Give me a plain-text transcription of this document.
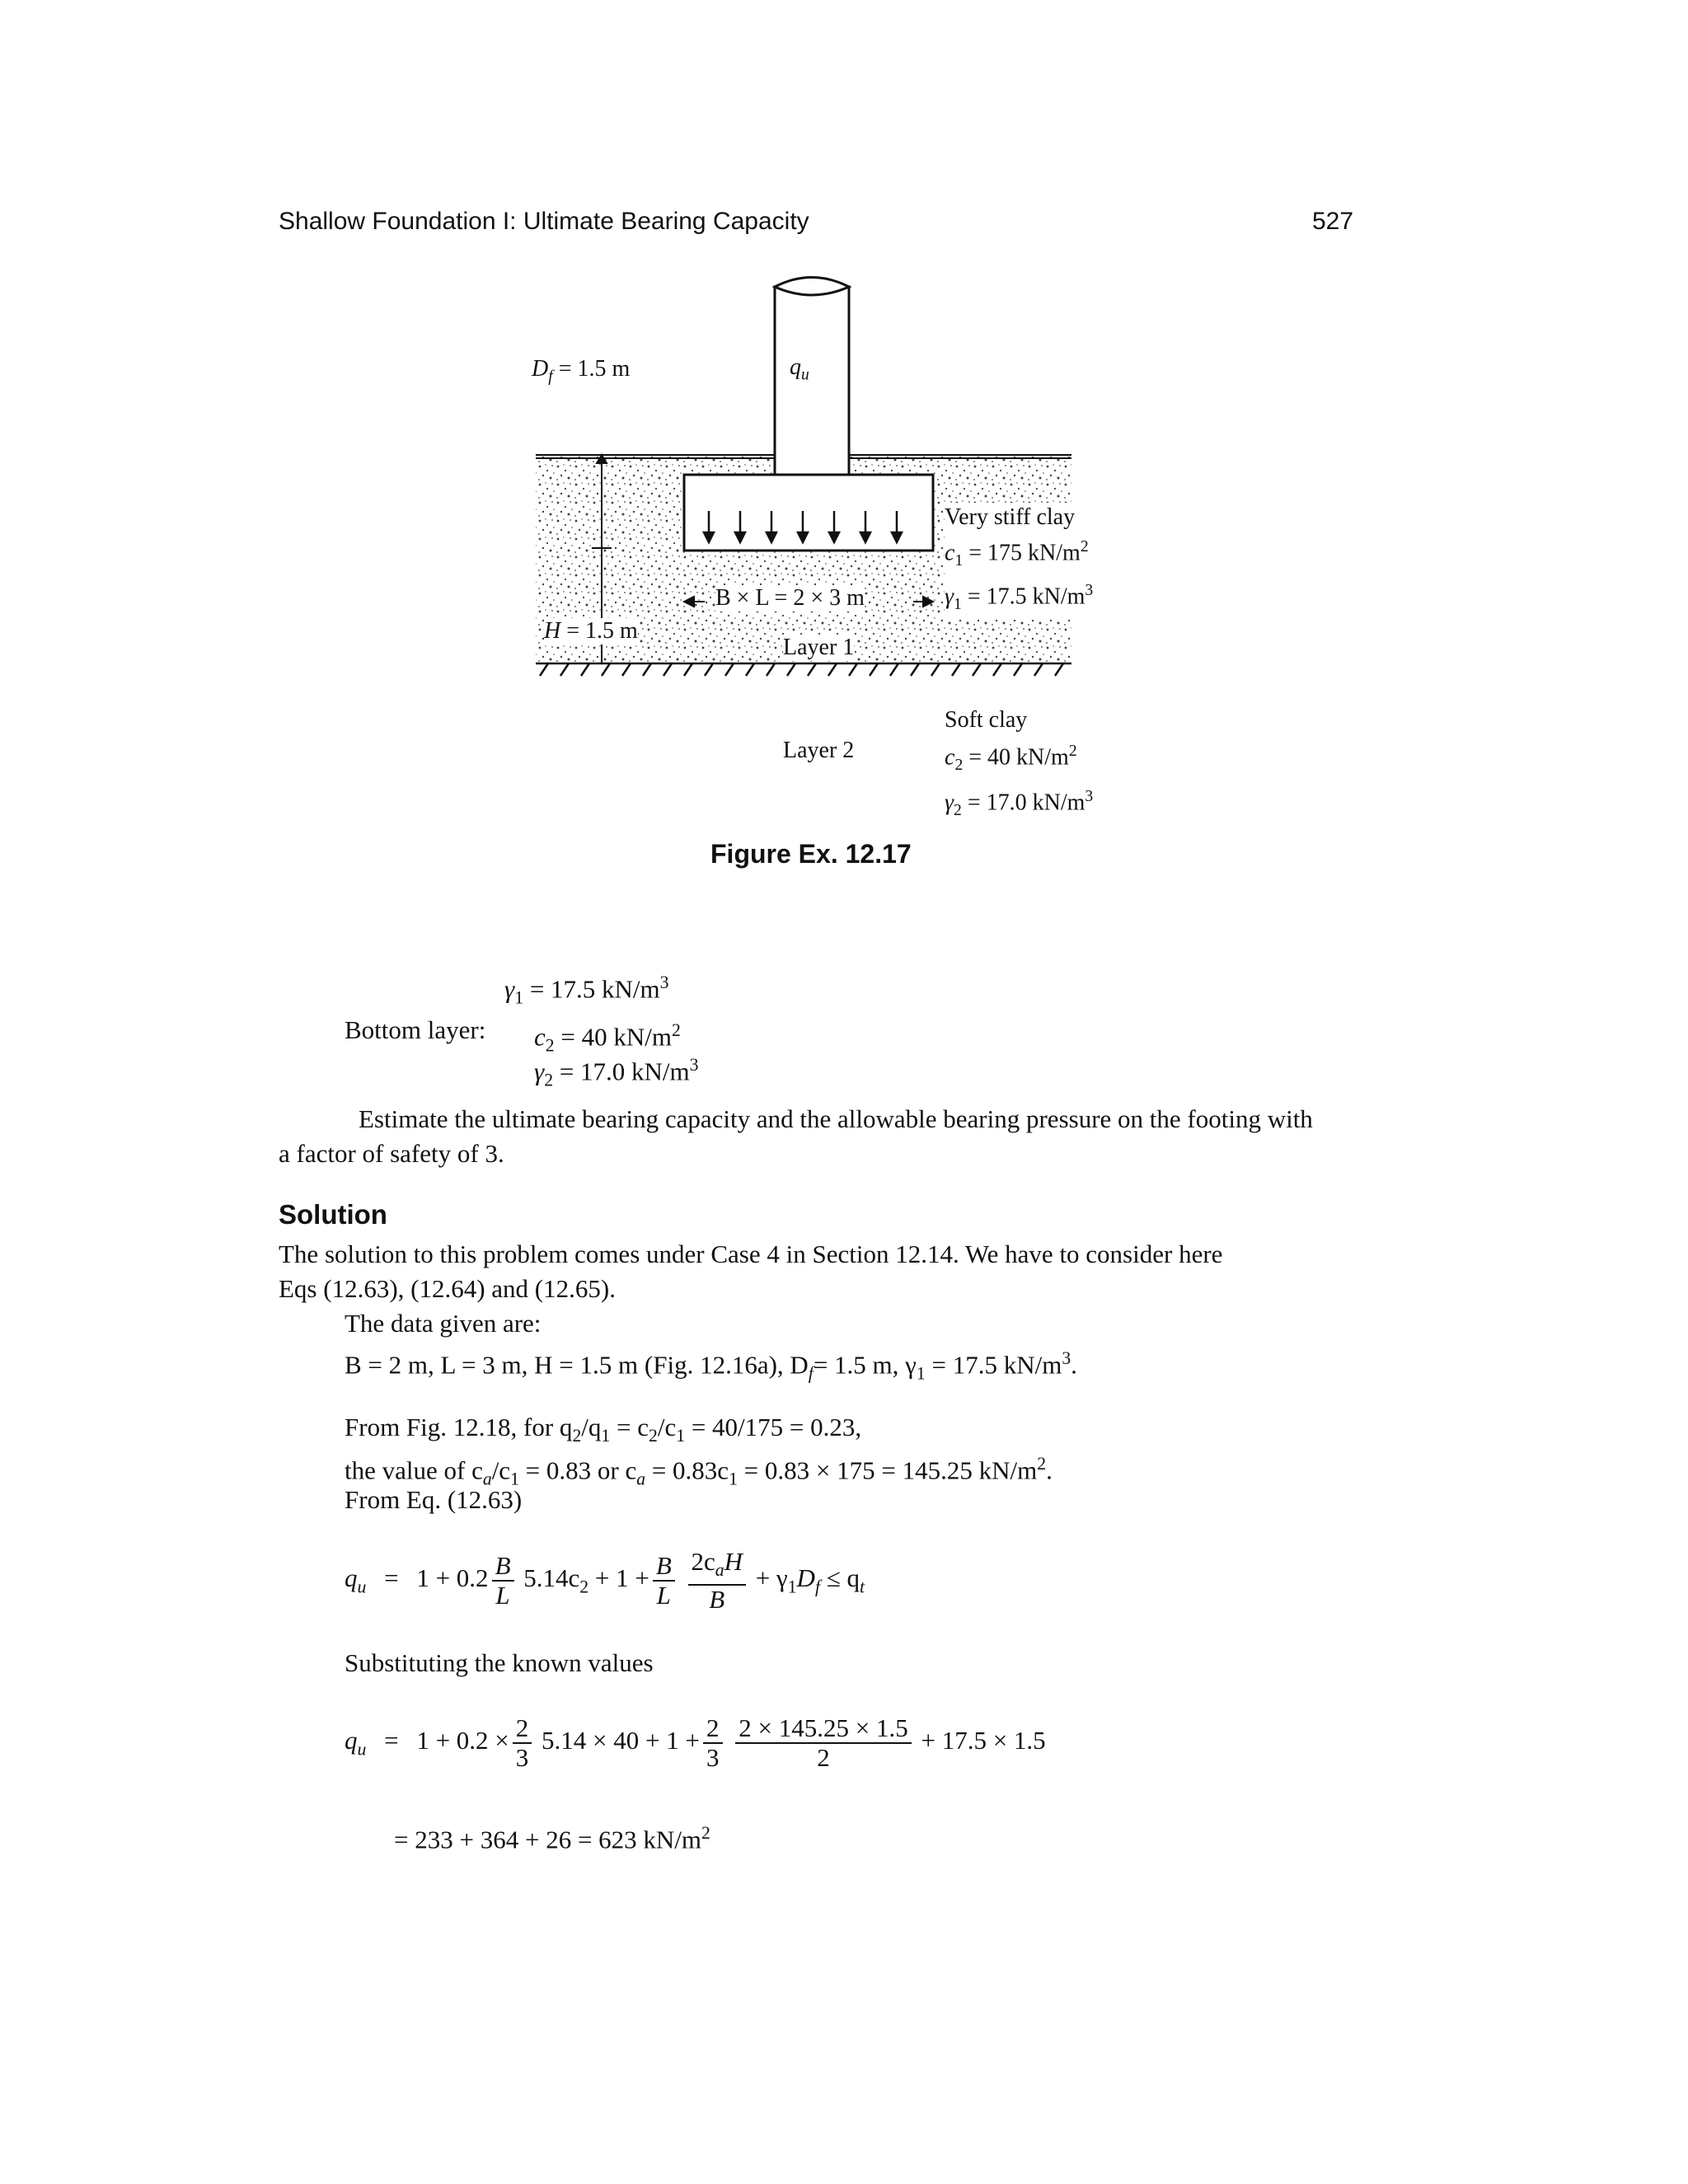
Shallow Foundation I: Ultimate Bearing Capacity	527
$D_f = 1.5$ m	$q_u$
B × L = 2 × 3 m
H = 1.5 m
Layer 1
Very stiff clay
$c_1 = 175$ $kN/m^2$
$\gamma_1 = 17.5$ $kN/m^3$
Layer 2
Soft clay
$c_2 = 40$ $kN/m^2$
$\gamma_2 = 17.0$ $kN/m^3$
Figure Ex. 12.17
$\gamma_1 = 17.5$ $kN/m^3$
Bottom layer: $c_2 = 40$ $kN/m^2$
$\gamma_2 = 17.0$ $kN/m^3$
Estimate the ultimate bearing capacity and the allowable bearing pressure on the footing with
a factor of safety of 3.
Solution
The solution to this problem comes under Case 4 in Section 12.14. We have to consider here
Eqs (12.63), (12.64) and (12.65).
The data given are:
B = 2 m, L = 3 m, H = 1.5 m (Fig. 12.16a), $D_f= 1.5$ m, $\gamma_1 = 17.5$ $kN/m^3$.
From Fig. 12.18, for $q_2/q_1 = c_2/c_1 = 40/175 = 0.23$,
the value of $c_a/c_1 = 0.83$ or $c_a = 0.83c_1 = 0.83 \times 175 = 145.25$ $kN/m^2$.
From Eq. (12.63)
$q_u = 1 + 0.2 \frac{B}{L} 5.14c_2 + 1 + \frac{B}{L}$
$\frac{2c_aH}{B} + \gamma_1D_f \le q_t$
Substituting the known values
$q_u = 1 + 0.2 \times \frac{2}{3} 5.14 \times 40 + 1 + \frac{2}{3}$
$\frac{2 \times 145.25 \times 1.5}{2} + 17.5 \times 1.5$
= 233 + 364 + 26 = 623 $kN/m^2$
